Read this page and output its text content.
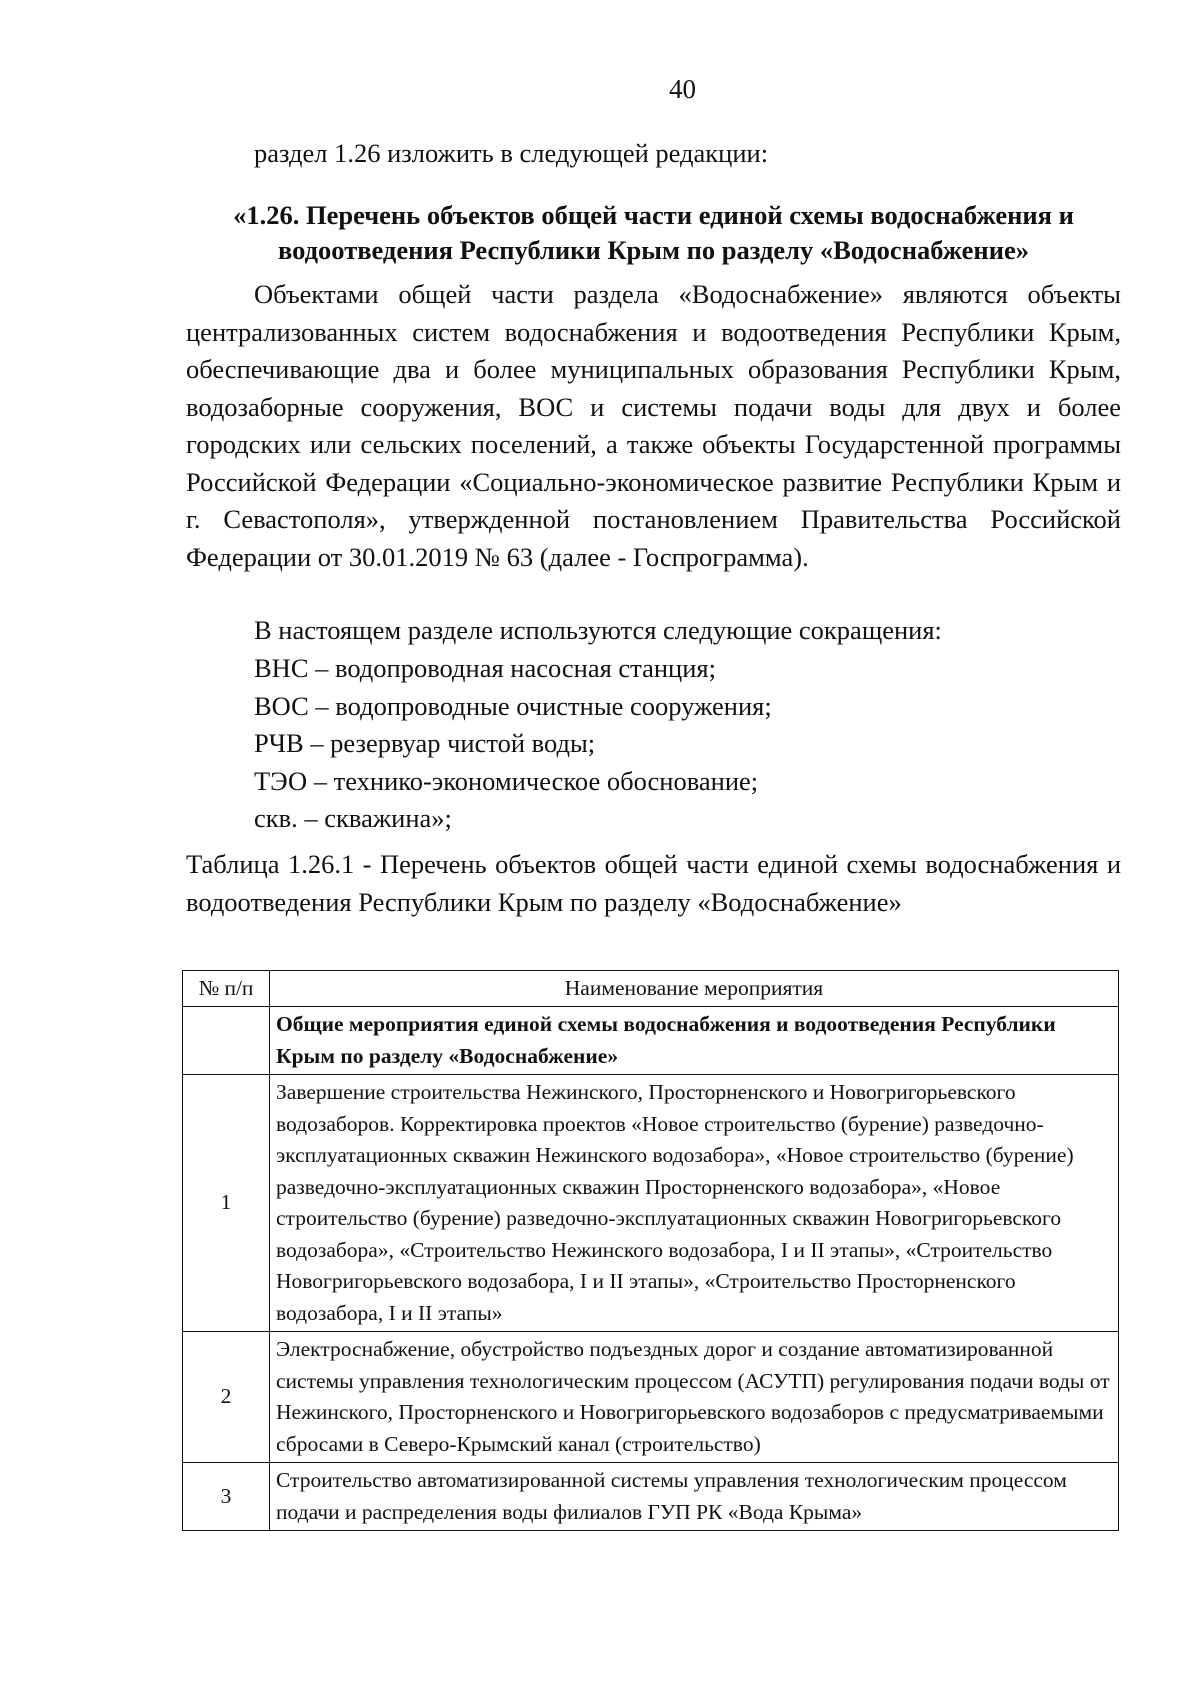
40
раздел 1.26 изложить в следующей редакции:
«1.26. Перечень объектов общей части единой схемы водоснабжения и
водоотведения Республики Крым по разделу «Водоснабжение»

Объектами общей части раздела «Водоснабжение» являются объекты централизованных систем водоснабжения и водоотведения Республики Крым, обеспечивающие два и более муниципальных образования Республики Крым, водозаборные сооружения, ВОС и системы подачи воды для двух и более городских или сельских поселений, а также объекты Государстенной программы Российской Федерации «Социально-экономическое развитие Республики Крым и г. Севастополя», утвержденной постановлением Правительства Российской Федерации от 30.01.2019 № 63 (далее - Госпрограмма).

В настоящем разделе используются следующие сокращения:
ВНС – водопроводная насосная станция;
ВОС – водопроводные очистные сооружения;
РЧВ – резервуар чистой воды;
ТЭО – технико-экономическое обоснование;
скв. – скважина»;
Таблица 1.26.1 - Перечень объектов общей части единой схемы водоснабжения и водоотведения Республики Крым по разделу «Водоснабжение»
№ п/п	Наименование мероприятия
	Общие мероприятия единой схемы водоснабжения и водоотведения Республики Крым по разделу «Водоснабжение»
1	Завершение строительства Нежинского, Просторненского и Новогригорьевского водозаборов. Корректировка проектов «Новое строительство (бурение) разведочно-эксплуатационных скважин Нежинского водозабора», «Новое строительство (бурение) разведочно-эксплуатационных скважин Просторненского водозабора», «Новое строительство (бурение) разведочно-эксплуатационных скважин Новогригорьевского водозабора», «Строительство Нежинского водозабора, I и II этапы», «Строительство Новогригорьевского водозабора, I и II этапы», «Строительство Просторненского водозабора, I и II этапы»
2	Электроснабжение, обустройство подъездных дорог и создание автоматизированной системы управления технологическим процессом (АСУТП) регулирования подачи воды от Нежинского, Просторненского и Новогригорьевского водозаборов с предусматриваемыми сбросами в Северо-Крымский канал (строительство)
3	Строительство автоматизированной системы управления технологическим процессом подачи и распределения воды филиалов ГУП РК «Вода Крыма»
